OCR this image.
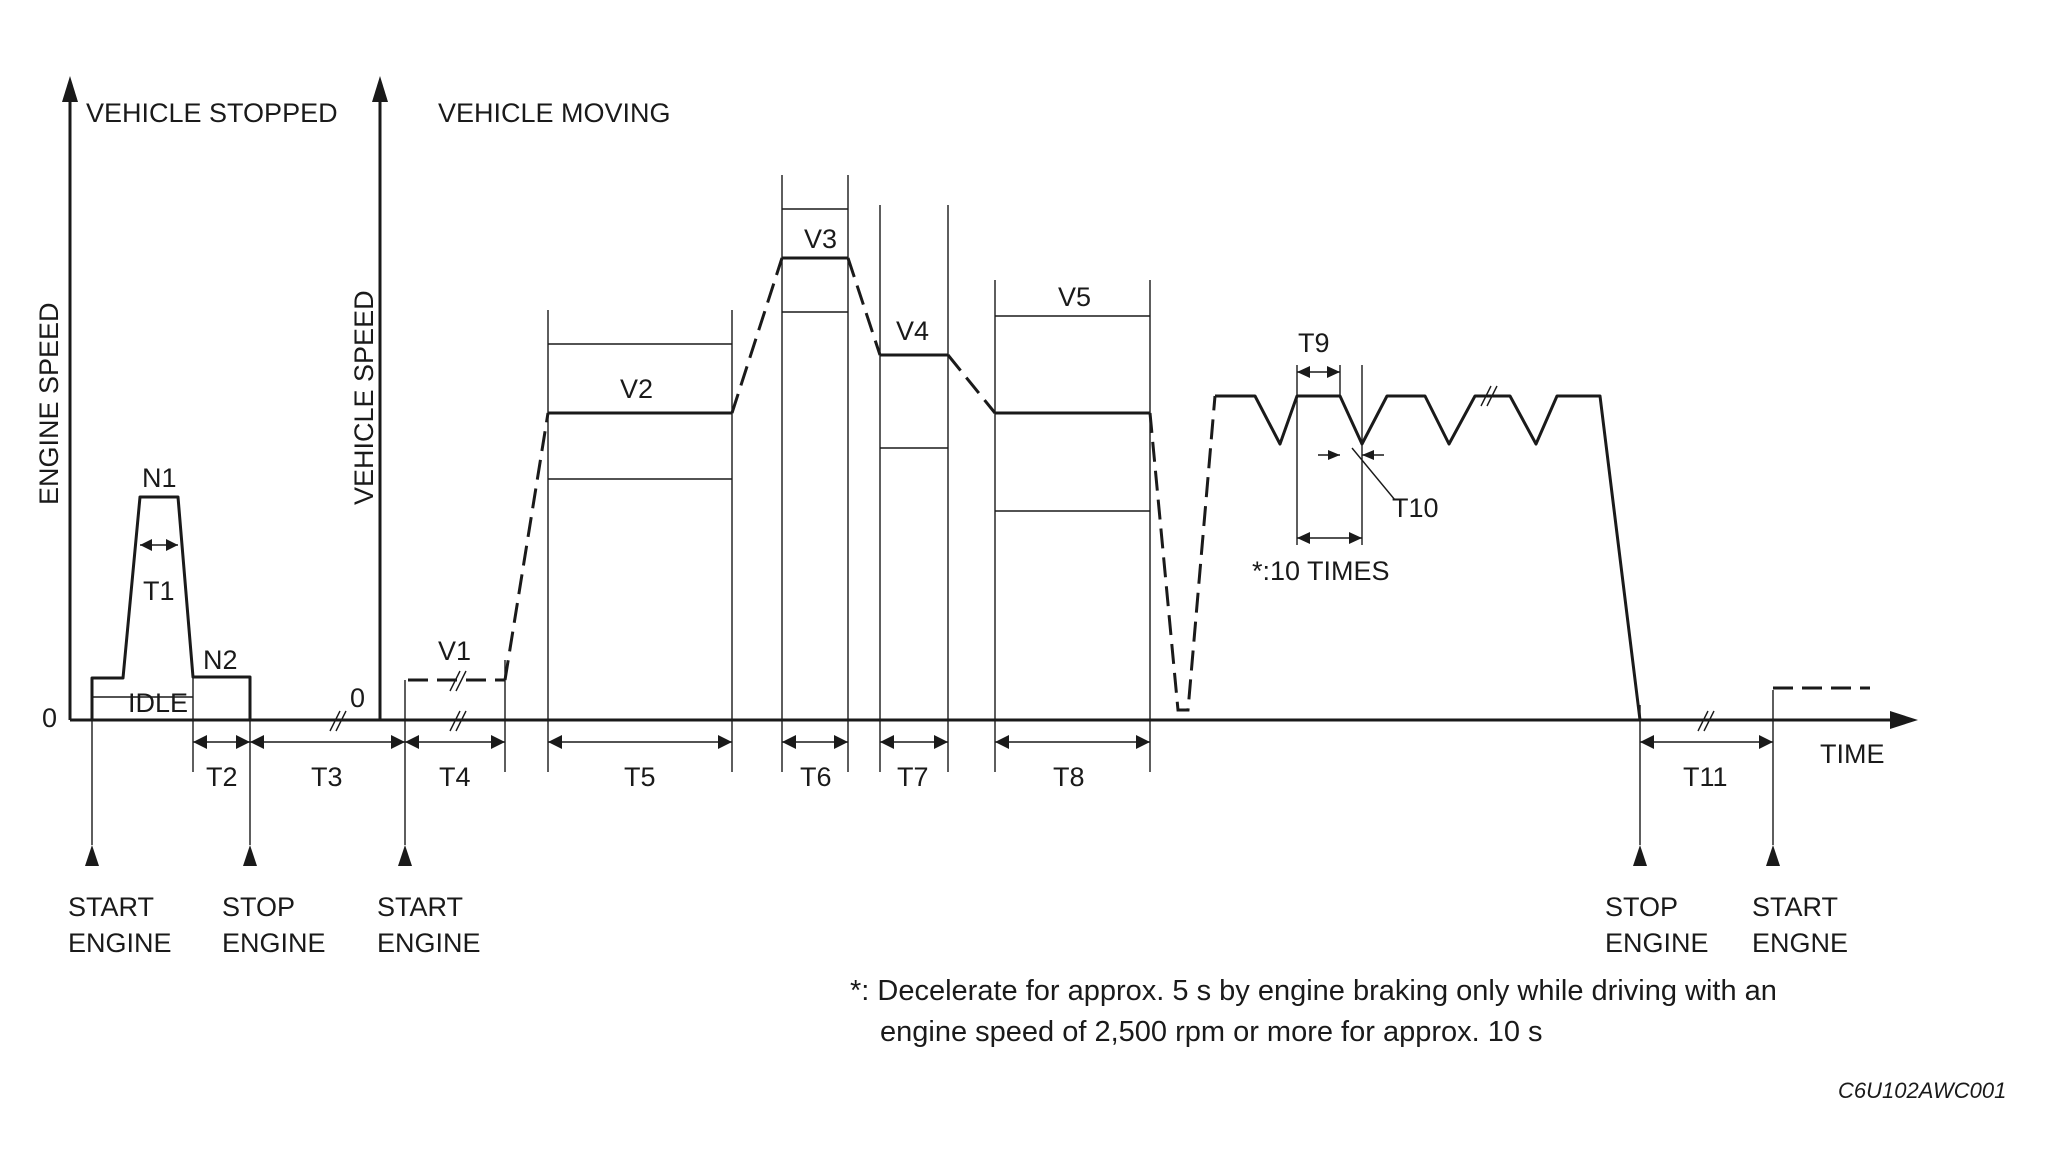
ENGINE SPEED	VEHICLE SPEED
VEHICLE STOPPED	VEHICLE MOVING
0
0
TIME
N1
N2
IDLE
V1
V2
V3
V4
V5
T1
T2	T3	T4	T5	T6 T7	T8
T9
T10
T11
*:10 TIMES
START
ENGINE
STOP
ENGINE
START
ENGINE
STOP
ENGINE
START
ENGNE
*: Decelerate for approx. 5 s by engine braking only while driving with an
engine speed of 2,500 rpm or more for approx. 10 s
C6U102AWC001
